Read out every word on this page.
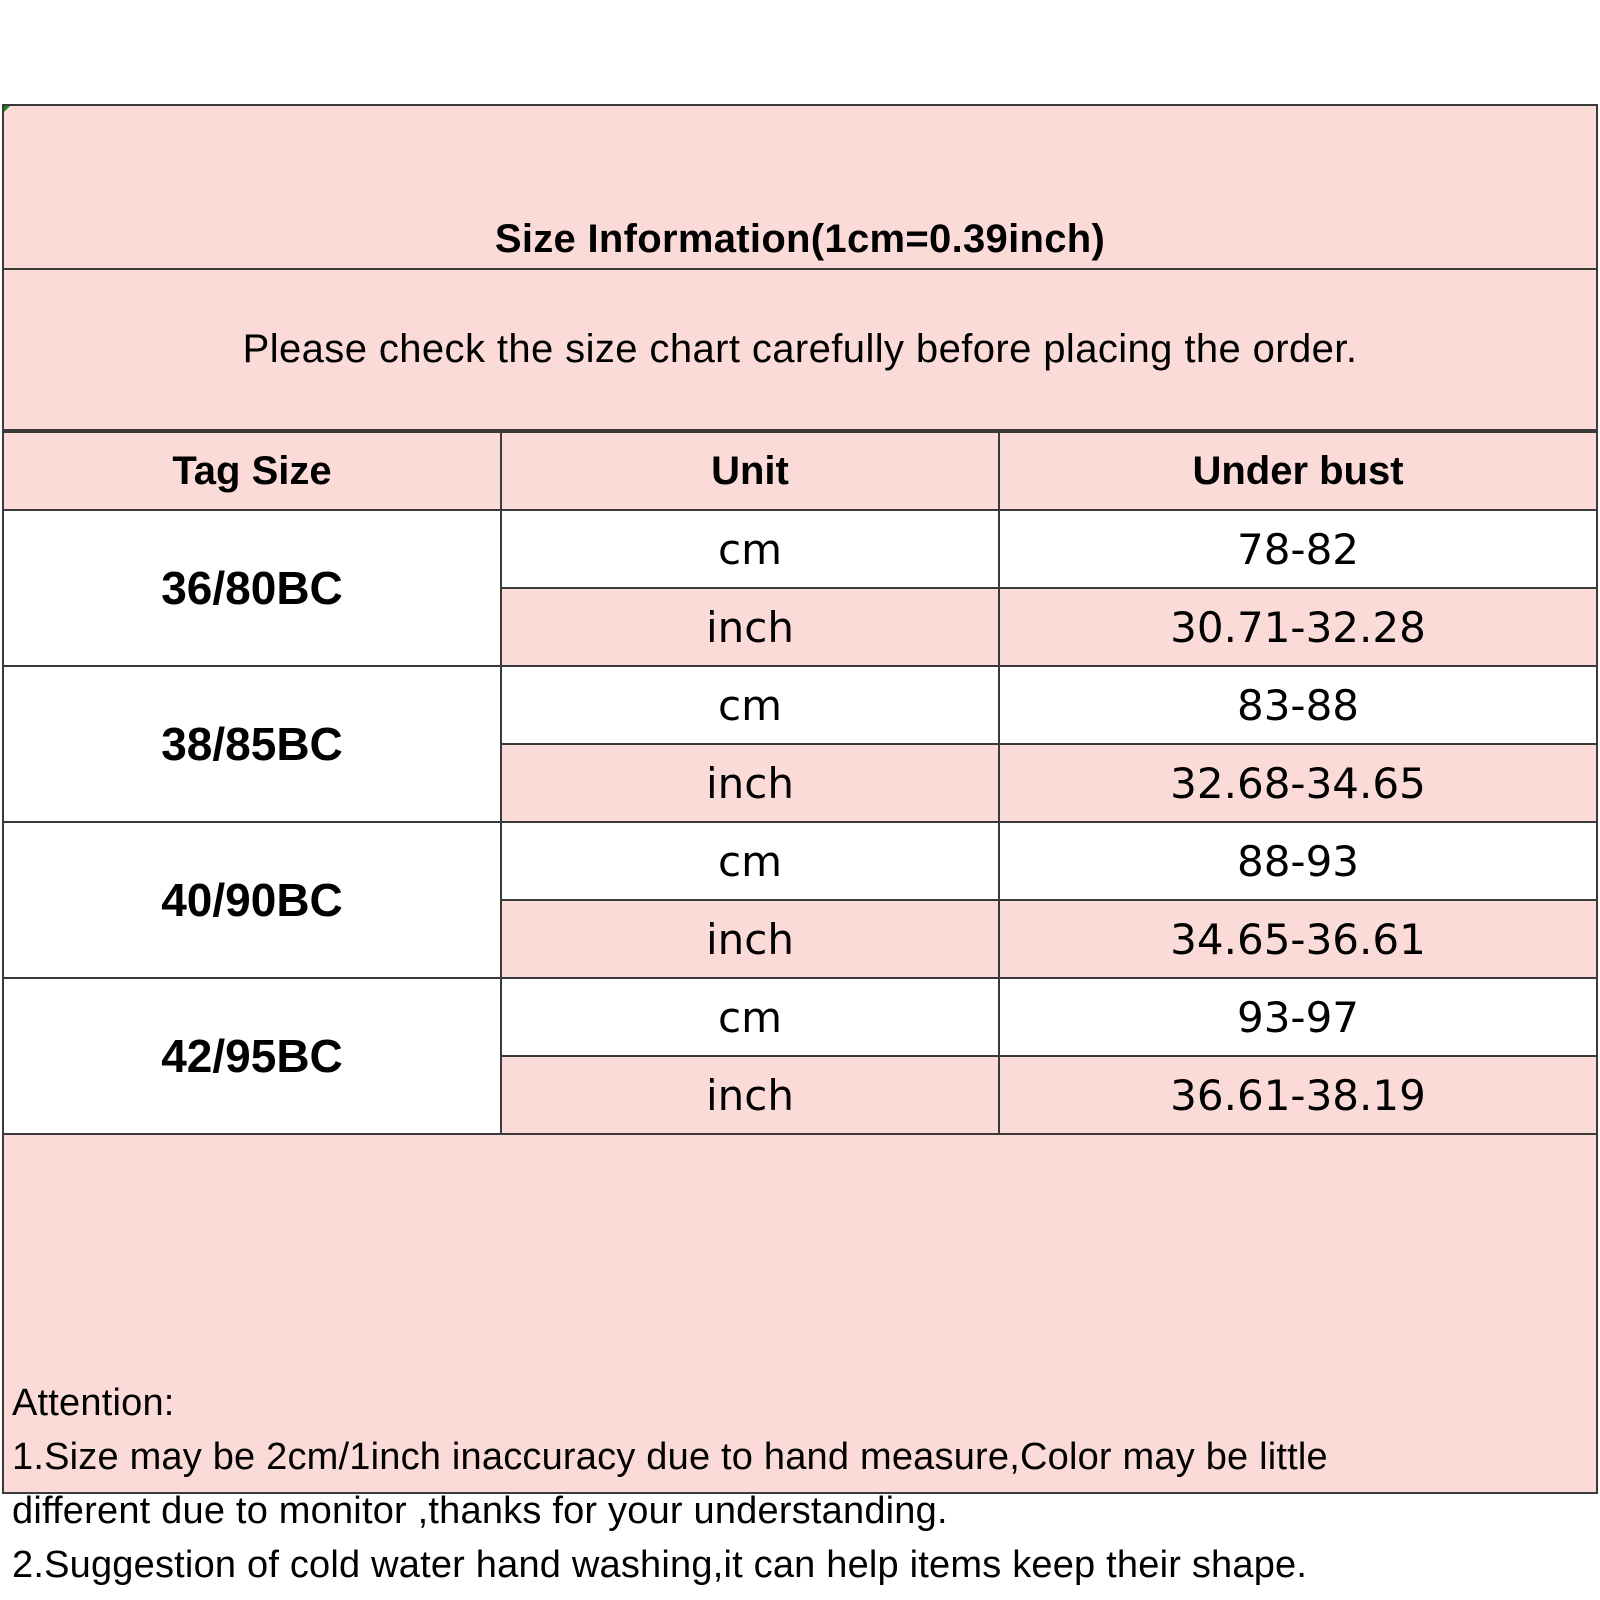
Size Information(1cm=0.39inch)
Please check the size chart carefully before placing the order.
Tag Size	Unit	Under bust
36/80BC	cm	78-82
	inch	30.71-32.28
38/85BC	cm	83-88
	inch	32.68-34.65
40/90BC	cm	88-93
	inch	34.65-36.61
42/95BC	cm	93-97
	inch	36.61-38.19
Attention:
1.Size may be 2cm/1inch inaccuracy due to hand measure,Color may be little
different due to monitor ,thanks for your understanding.
2.Suggestion of cold water hand washing,it can help items keep their shape.
